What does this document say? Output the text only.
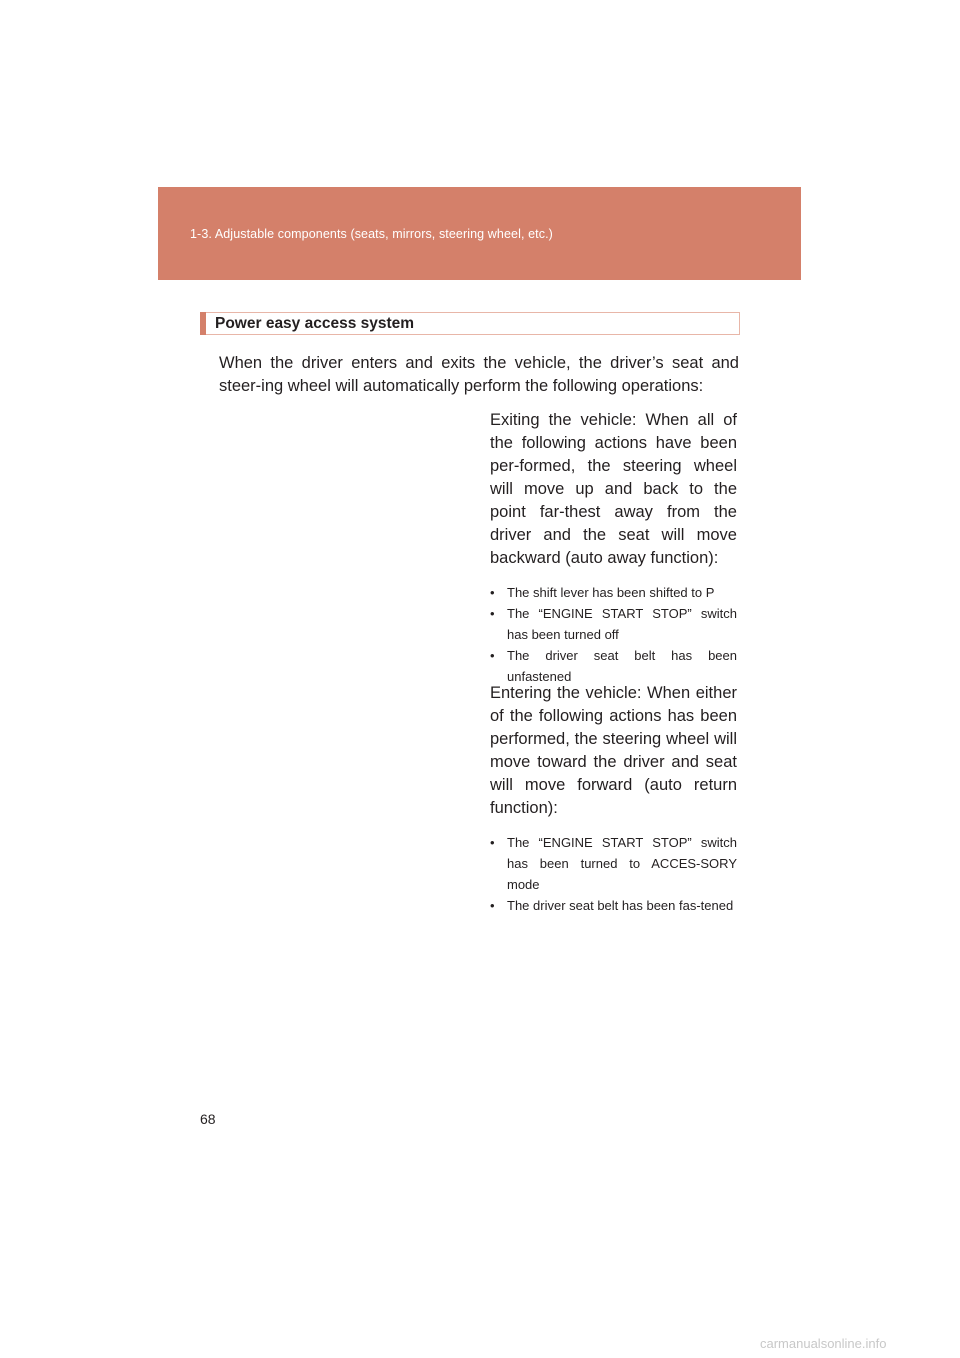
1-3. Adjustable components (seats, mirrors, steering wheel, etc.)
Power easy access system

When the driver enters and exits the vehicle, the driver’s seat and steer-ing wheel will automatically perform the following operations:

Exiting the vehicle: When all of the following actions have been per-formed, the steering wheel will move up and back to the point far-thest away from the driver and the seat will move backward (auto away function):

• The shift lever has been shifted to P
• The “ENGINE START STOP” switch has been turned off
• The driver seat belt has been unfastened

Entering the vehicle: When either of the following actions has been performed, the steering wheel will move toward the driver and seat will move forward (auto return function):

• The “ENGINE START STOP” switch has been turned to ACCES-SORY mode
• The driver seat belt has been fas-tened
68
carmanualsonline.info
